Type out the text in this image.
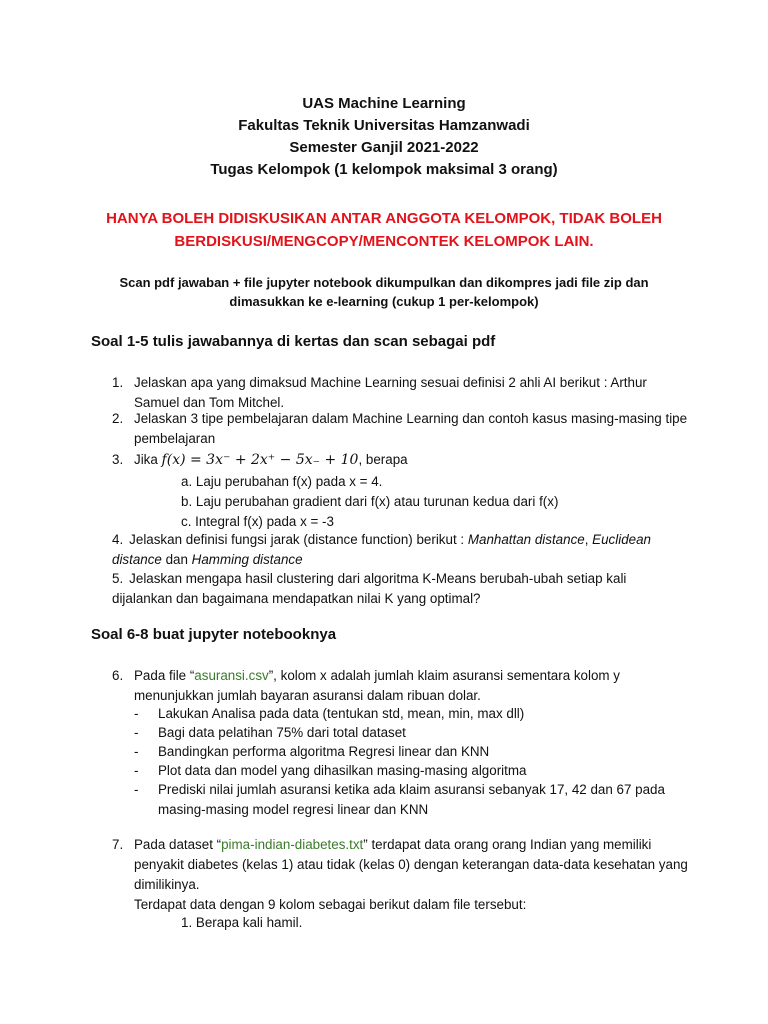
UAS Machine Learning
Fakultas Teknik Universitas Hamzanwadi
Semester Ganjil 2021-2022
Tugas Kelompok (1 kelompok maksimal 3 orang)
HANYA BOLEH DIDISKUSIKAN ANTAR ANGGOTA KELOMPOK, TIDAK BOLEH
BERDISKUSI/MENGCOPY/MENCONTEK KELOMPOK LAIN.
Scan pdf jawaban + file jupyter notebook dikumpulkan dan dikompres jadi file zip dan
dimasukkan ke e-learning (cukup 1 per-kelompok)
Soal 1-5 tulis jawabannya di kertas dan scan sebagai pdf
1. Jelaskan apa yang dimaksud Machine Learning sesuai definisi 2 ahli AI berikut : Arthur Samuel dan Tom Mitchel.
2. Jelaskan 3 tipe pembelajaran dalam Machine Learning dan contoh kasus masing-masing tipe pembelajaran
3. Jika f(x) = 3x⁻ + 2x⁺ − 5x₋ + 10, berapa
a. Laju perubahan f(x) pada x = 4.
b. Laju perubahan gradient dari f(x) atau turunan kedua dari f(x)
c. Integral f(x) pada x = -3
4. Jelaskan definisi fungsi jarak (distance function) berikut : Manhattan distance, Euclidean distance dan Hamming distance
5. Jelaskan mengapa hasil clustering dari algoritma K-Means berubah-ubah setiap kali
dijalankan dan bagaimana mendapatkan nilai K yang optimal?
Soal 6-8 buat jupyter notebooknya
6. Pada file “asuransi.csv”, kolom x adalah jumlah klaim asuransi sementara kolom y menunjukkan jumlah bayaran asuransi dalam ribuan dolar.
- Lakukan Analisa pada data (tentukan std, mean, min, max dll)
- Bagi data pelatihan 75% dari total dataset
- Bandingkan performa algoritma Regresi linear dan KNN
- Plot data dan model yang dihasilkan masing-masing algoritma
- Prediski nilai jumlah asuransi ketika ada klaim asuransi sebanyak 17, 42 dan 67 pada masing-masing model regresi linear dan KNN
7. Pada dataset “pima-indian-diabetes.txt” terdapat data orang orang Indian yang memiliki penyakit diabetes (kelas 1) atau tidak (kelas 0) dengan keterangan data-data kesehatan yang dimilikinya.
Terdapat data dengan 9 kolom sebagai berikut dalam file tersebut:
1. Berapa kali hamil.
